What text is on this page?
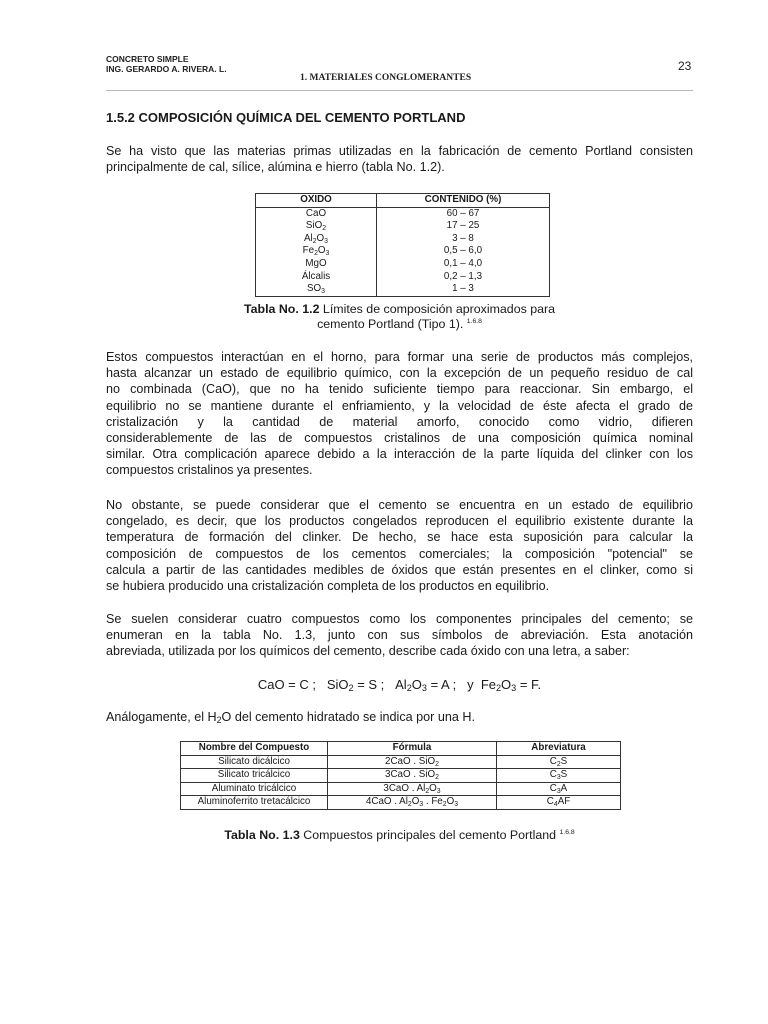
CONCRETO SIMPLE
ING. GERARDO A. RIVERA. L.
1. MATERIALES CONGLOMERANTES
23
1.5.2 COMPOSICIÓN QUÍMICA DEL CEMENTO PORTLAND
Se ha visto que las materias primas utilizadas en la fabricación de cemento Portland consisten
principalmente de cal, sílice, alúmina e hierro (tabla No. 1.2).
OXIDO	CONTENIDO (%)
CaO	60 – 67
SiO$_2$	17 – 25
$Al_2O_3$	3 – 8
$Fe_2O_3$	0,5 – 6,0
MgO	0,1 – 4,0
Álcalis	0,2 – 1,3
$SO_3$	1 – 3
Tabla No. 1.2 Límites de composición aproximados para
cemento Portland (Tipo 1). $^{1.6.8}$
Estos compuestos interactúan en el horno, para formar una serie de productos más complejos,
hasta alcanzar un estado de equilibrio químico, con la excepción de un pequeño residuo de cal
no combinada (CaO), que no ha tenido suficiente tiempo para reaccionar. Sin embargo, el
equilibrio no se mantiene durante el enfriamiento, y la velocidad de éste afecta el grado de
cristalización y la cantidad de material amorfo, conocido como vidrio, difieren
considerablemente de las de compuestos cristalinos de una composición química nominal
similar. Otra complicación aparece debido a la interacción de la parte líquida del clinker con los
compuestos cristalinos ya presentes.
No obstante, se puede considerar que el cemento se encuentra en un estado de equilibrio
congelado, es decir, que los productos congelados reproducen el equilibrio existente durante la
temperatura de formación del clinker. De hecho, se hace esta suposición para calcular la
composición de compuestos de los cementos comerciales; la composición "potencial" se
calcula a partir de las cantidades medibles de óxidos que están presentes en el clinker, como si
se hubiera producido una cristalización completa de los productos en equilibrio.
Se suelen considerar cuatro compuestos como los componentes principales del cemento; se
enumeran en la tabla No. 1.3, junto con sus símbolos de abreviación. Esta anotación
abreviada, utilizada por los químicos del cemento, describe cada óxido con una letra, a saber:
CaO = C ; SiO$_2$ = S ; $Al_2O_3 = A$ ; y $Fe_2O_3 = F$.
Análogamente, el $H_2O$ del cemento hidratado se indica por una H.
Nombre del Compuesto	Fórmula	Abreviatura
Silicato dicálcico	2CaO . SiO$_2$	$C_2S$
Silicato tricálcico	3CaO . SiO$_2$	$C_3S$
Aluminato tricálcico	3CaO . $Al_2O_3$	$C_3A$
Aluminoferrito tretacálcico	4CaO . $Al_2O_3$ . $Fe_2O_3$	$C_4AF$
Tabla No. 1.3 Compuestos principales del cemento Portland $^{1.6.8}$
